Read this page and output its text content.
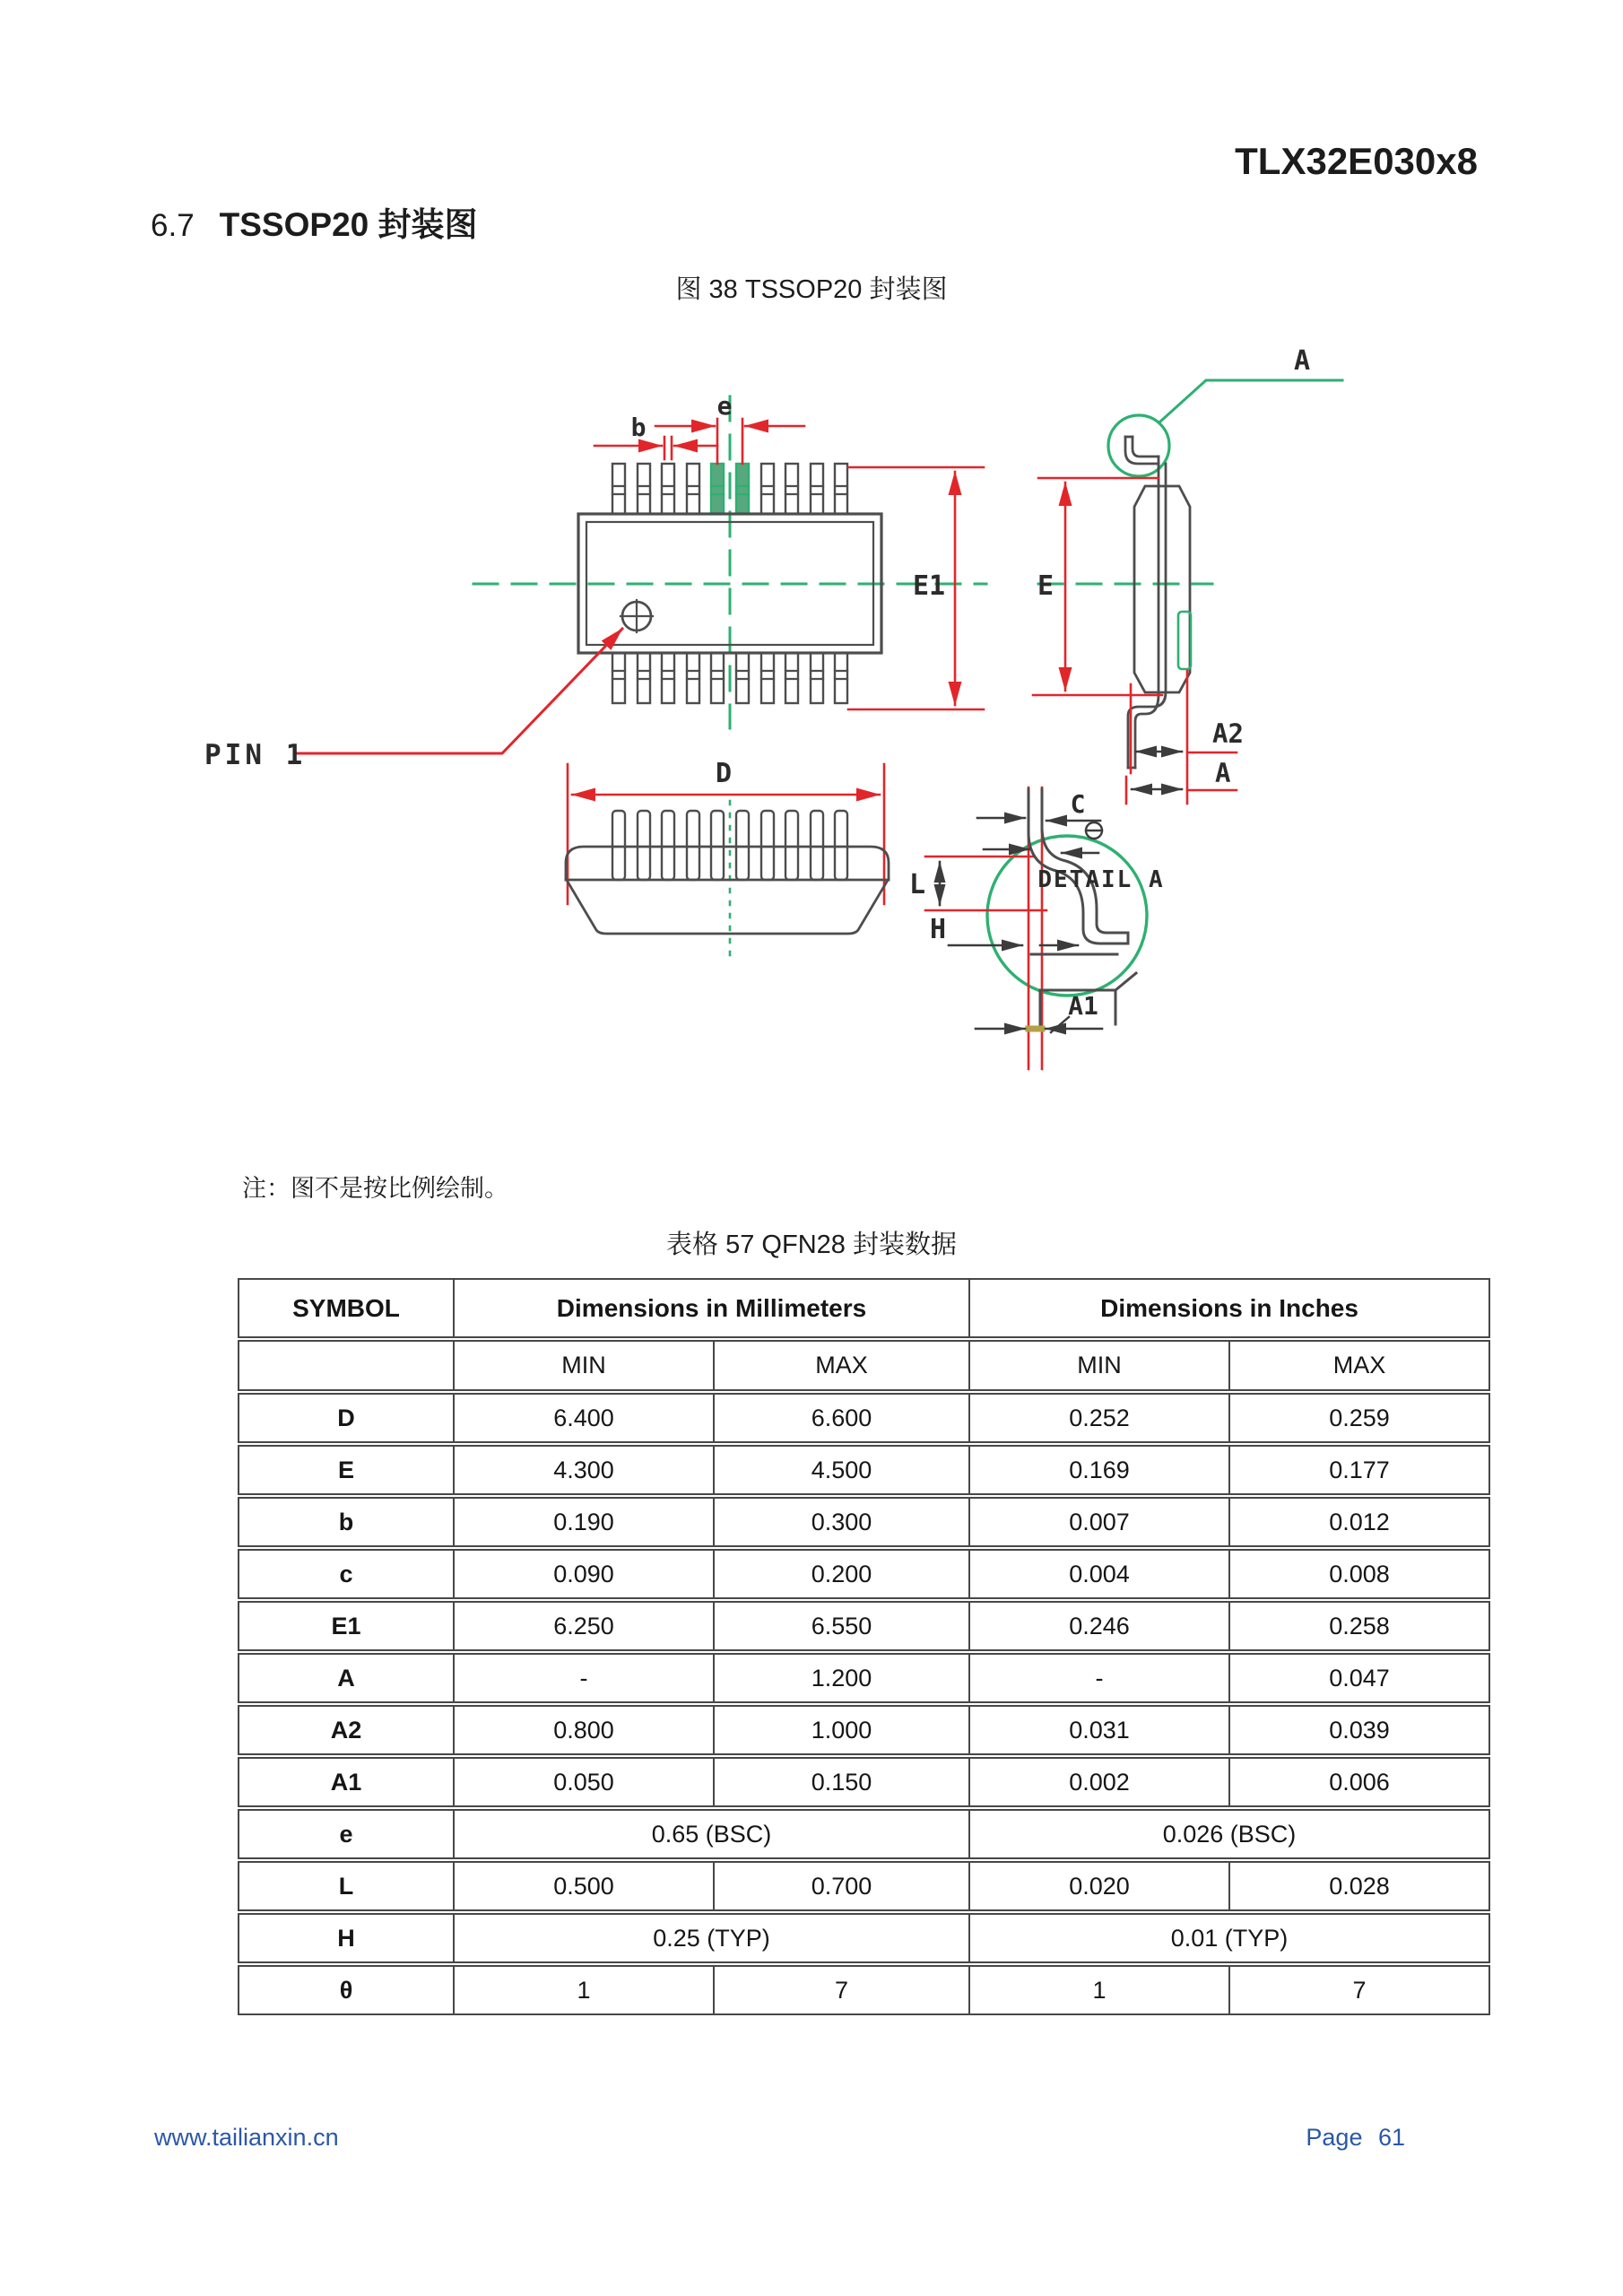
TLX32E030x8
6.7 TSSOP20 封装图
图 38 TSSOP20 封装图
PIN 1
e
b
E1
A
E
A2
A
D
C
L
H
A1
DETAIL A
注：图不是按比例绘制。
表格 57 QFN28 封装数据
SYMBOL	Dimensions in Millimeters		Dimensions in Inches	
	MIN	MAX	MIN	MAX
D	6.400	6.600	0.252	0.259
E	4.300	4.500	0.169	0.177
b	0.190	0.300	0.007	0.012
c	0.090	0.200	0.004	0.008
E1	6.250	6.550	0.246	0.258
A	-	1.200	-	0.047
A2	0.800	1.000	0.031	0.039
A1	0.050	0.150	0.002	0.006
e	0.65 (BSC)		0.026 (BSC)	
L	0.500	0.700	0.020	0.028
H	0.25 (TYP)		0.01 (TYP)	
θ	1	7	1	7
www.tailianxin.cn	Page 61
